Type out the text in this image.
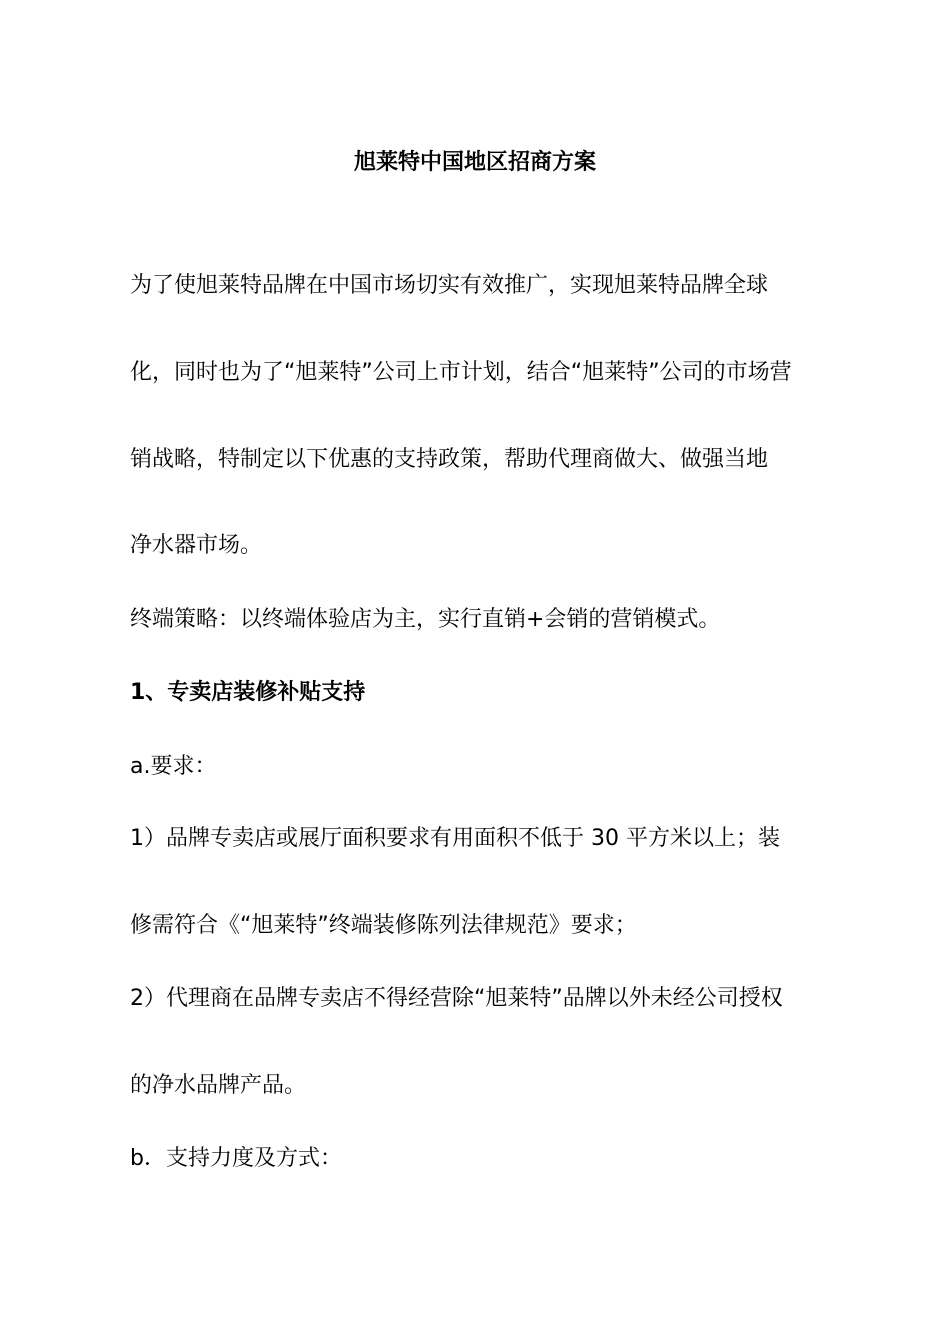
旭莱特中国地区招商方案
为了使旭莱特品牌在中国市场切实有效推广，实现旭莱特品牌全球
化，同时也为了“旭莱特”公司上市计划，结合“旭莱特”公司的市场营
销战略，特制定以下优惠的支持政策，帮助代理商做大、做强当地
净水器市场。
终端策略：以终端体验店为主，实行直销+会销的营销模式。
1、专卖店装修补贴支持
a.要求：
1）品牌专卖店或展厅面积要求有用面积不低于 30 平方米以上；装
修需符合《“旭莱特”终端装修陈列法律规范》要求；
2）代理商在品牌专卖店不得经营除“旭莱特”品牌以外未经公司授权
的净水品牌产品。
b．支持力度及方式：
